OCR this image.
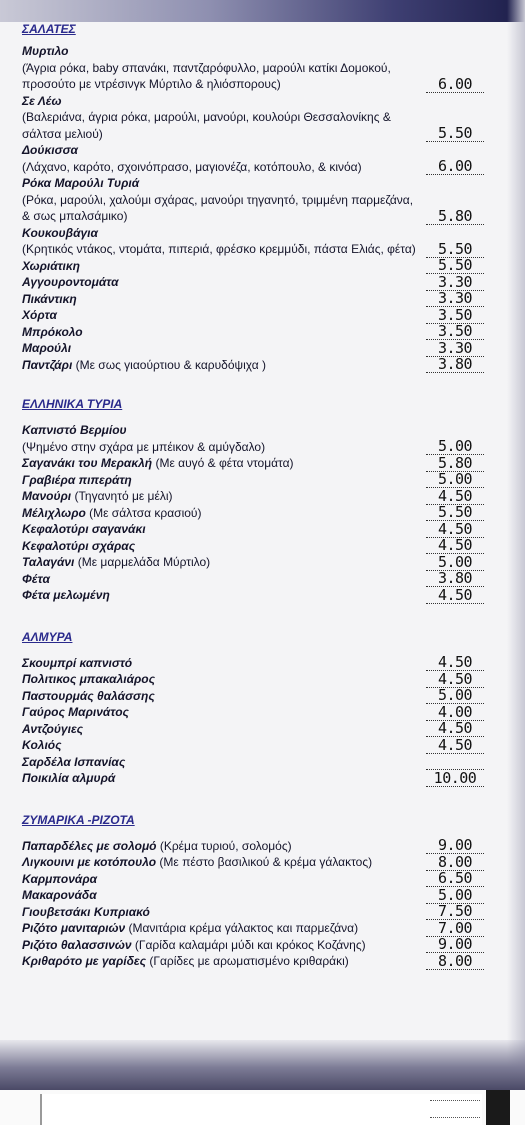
ΣΑΛΑΤΕΣ
Μυρτιλο
(Άγρια ρόκα, baby σπανάκι, παντζαρόφυλλο, μαρούλι κατίκι Δομοκού, προσούτο με ντρέσινγκ Μύρτιλο & ηλιόσπορους)	6.00
Σε Λέω
(Βαλεριάνα, άγρια ρόκα, μαρούλι, μανούρι, κουλούρι Θεσσαλονίκης & σάλτσα μελιού)	5.50
Δούκισσα
(Λάχανο, καρότο, σχοινόπρασο, μαγιονέζα, κοτόπουλο, & κινόα)	6.00
Ρόκα Μαρούλι Τυριά
(Ρόκα, μαρούλι, χαλούμι σχάρας, μανούρι τηγανητό, τριμμένη παρμεζάνα, & σως μπαλσάμικο)	5.80
Κουκουβάγια
(Κρητικός ντάκος, ντομάτα, πιπεριά, φρέσκο κρεμμύδι, πάστα Ελιάς, φέτα)	5.50
Χωριάτικη	5.50
Αγγουροντομάτα	3.30
Πικάντικη	3.30
Χόρτα	3.50
Μπρόκολο	3.50
Μαρούλι	3.30
Παντζάρι (Με σως γιαούρτιου & καρυδόψιχα )	3.80
ΕΛΛΗΝΙΚΑ ΤΥΡΙΑ
Καπνιστό Βερμίου
(Ψημένο στην σχάρα με μπέικον & αμύγδαλο)	5.00
Σαγανάκι του Μερακλή (Με αυγό & φέτα ντομάτα)	5.80
Γραβιέρα πιπεράτη	5.00
Μανούρι (Τηγανητό με μέλι)	4.50
Μέλιχλωρο (Με σάλτσα κρασιού)	5.50
Κεφαλοτύρι σαγανάκι	4.50
Κεφαλοτύρι σχάρας	4.50
Ταλαγάνι (Με μαρμελάδα Μύρτιλο)	5.00
Φέτα	3.80
Φέτα μελωμένη	4.50
ΑΛΜΥΡΑ
Σκουμπρί καπνιστό	4.50
Πολιτικος μπακαλιάρος	4.50
Παστουρμάς θαλάσσης	5.00
Γαύρος Μαρινάτος	4.00
Αντζούγιες	4.50
Κολιός	4.50
Σαρδέλα Ισπανίας

Ποικιλία αλμυρά	10.00
ΖΥΜΑΡΙΚΑ -ΡΙΖΟΤΑ
Παπαρδέλες με σολομό (Κρέμα τυριού, σολομός)	9.00
Λιγκουινι με κοτόπουλο (Με πέστο βασιλικού & κρέμα γάλακτος)	8.00
Καρμπονάρα	6.50
Μακαρονάδα	5.00
Γιουβετσάκι Κυπριακό	7.50
Ριζότο μανιταριών (Μανιτάρια κρέμα γάλακτος και παρμεζάνα)	7.00
Ριζότο θαλασσινών (Γαρίδα καλαμάρι μύδι και κρόκος Κοζάνης)	9.00
Κριθαρότο με γαρίδες (Γαρίδες με αρωματισμένο κριθαράκι)	8.00
